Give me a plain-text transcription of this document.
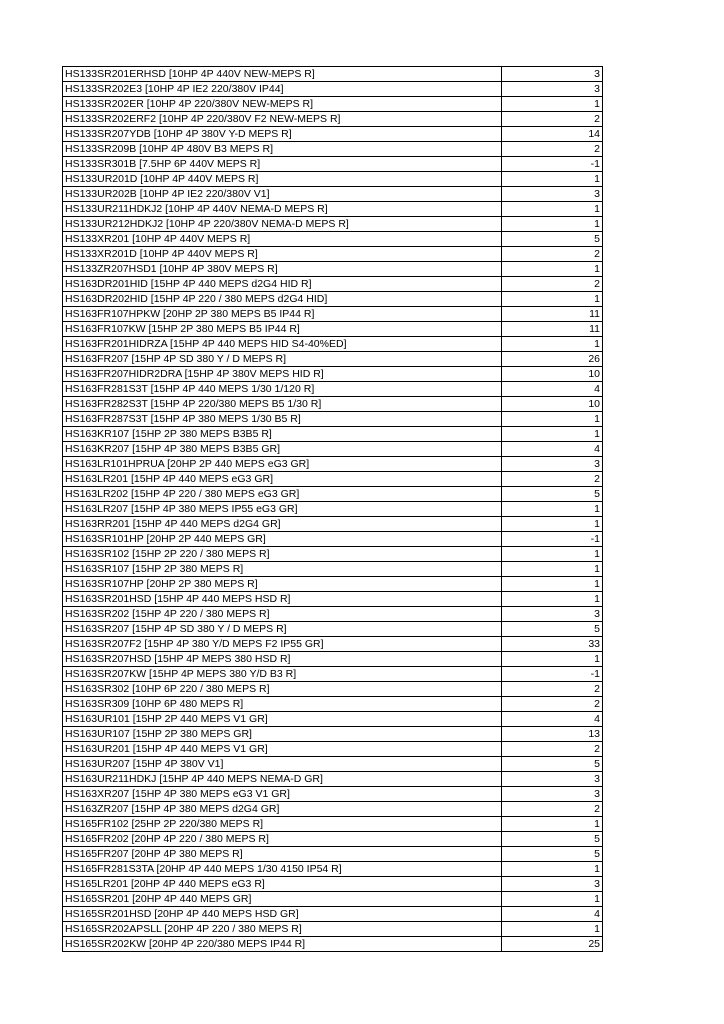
HS133SR201ERHSD [10HP 4P 440V NEW-MEPS R]	3
HS133SR202E3 [10HP 4P IE2 220/380V IP44]	3
HS133SR202ER [10HP 4P 220/380V NEW-MEPS R]	1
HS133SR202ERF2 [10HP 4P 220/380V F2 NEW-MEPS R]	2
HS133SR207YDB [10HP 4P 380V Y-D MEPS R]	14
HS133SR209B [10HP 4P 480V B3 MEPS R]	2
HS133SR301B [7.5HP 6P 440V MEPS R]	-1
HS133UR201D [10HP 4P 440V MEPS R]	1
HS133UR202B [10HP 4P IE2 220/380V V1]	3
HS133UR211HDKJ2 [10HP 4P 440V NEMA-D MEPS R]	1
HS133UR212HDKJ2 [10HP 4P 220/380V NEMA-D MEPS R]	1
HS133XR201 [10HP 4P 440V MEPS R]	5
HS133XR201D [10HP 4P 440V MEPS R]	2
HS133ZR207HSD1 [10HP 4P 380V MEPS R]	1
HS163DR201HID [15HP 4P 440 MEPS d2G4 HID R]	2
HS163DR202HID [15HP 4P 220 / 380 MEPS d2G4 HID]	1
HS163FR107HPKW [20HP 2P 380 MEPS B5 IP44 R]	11
HS163FR107KW [15HP 2P 380 MEPS B5 IP44 R]	11
HS163FR201HIDRZA [15HP 4P 440 MEPS HID S4-40%ED]	1
HS163FR207 [15HP 4P SD 380 Y / D MEPS R]	26
HS163FR207HIDR2DRA [15HP 4P 380V MEPS HID R]	10
HS163FR281S3T [15HP 4P 440 MEPS 1/30 1/120 R]	4
HS163FR282S3T [15HP 4P 220/380 MEPS B5 1/30 R]	10
HS163FR287S3T [15HP 4P 380 MEPS 1/30 B5 R]	1
HS163KR107 [15HP 2P 380 MEPS B3B5 R]	1
HS163KR207 [15HP 4P 380 MEPS B3B5 GR]	4
HS163LR101HPRUA [20HP 2P 440 MEPS eG3 GR]	3
HS163LR201 [15HP 4P 440 MEPS eG3 GR]	2
HS163LR202 [15HP 4P 220 / 380 MEPS eG3 GR]	5
HS163LR207 [15HP 4P 380 MEPS IP55 eG3 GR]	1
HS163RR201 [15HP 4P 440 MEPS d2G4 GR]	1
HS163SR101HP [20HP 2P 440 MEPS GR]	-1
HS163SR102 [15HP 2P 220 / 380 MEPS R]	1
HS163SR107 [15HP 2P 380 MEPS R]	1
HS163SR107HP [20HP 2P 380 MEPS R]	1
HS163SR201HSD [15HP 4P 440 MEPS HSD R]	1
HS163SR202 [15HP 4P 220 / 380 MEPS R]	3
HS163SR207 [15HP 4P SD 380 Y / D MEPS R]	5
HS163SR207F2 [15HP 4P 380 Y/D MEPS F2 IP55 GR]	33
HS163SR207HSD [15HP 4P MEPS 380 HSD R]	1
HS163SR207KW [15HP 4P MEPS 380 Y/D B3 R]	-1
HS163SR302 [10HP 6P 220 / 380 MEPS R]	2
HS163SR309 [10HP 6P 480 MEPS R]	2
HS163UR101 [15HP 2P 440 MEPS V1 GR]	4
HS163UR107 [15HP 2P 380 MEPS GR]	13
HS163UR201 [15HP 4P 440 MEPS V1 GR]	2
HS163UR207 [15HP 4P 380V V1]	5
HS163UR211HDKJ [15HP 4P 440 MEPS NEMA-D GR]	3
HS163XR207 [15HP 4P 380 MEPS eG3 V1 GR]	3
HS163ZR207 [15HP 4P 380 MEPS d2G4 GR]	2
HS165FR102 [25HP 2P 220/380 MEPS R]	1
HS165FR202 [20HP 4P 220 / 380 MEPS R]	5
HS165FR207 [20HP 4P 380 MEPS R]	5
HS165FR281S3TA [20HP 4P 440 MEPS 1/30 4150 IP54 R]	1
HS165LR201 [20HP 4P 440 MEPS eG3 R]	3
HS165SR201 [20HP 4P 440 MEPS GR]	1
HS165SR201HSD [20HP 4P 440 MEPS HSD GR]	4
HS165SR202APSLL [20HP 4P 220 / 380 MEPS R]	1
HS165SR202KW [20HP 4P 220/380 MEPS IP44 R]	25
